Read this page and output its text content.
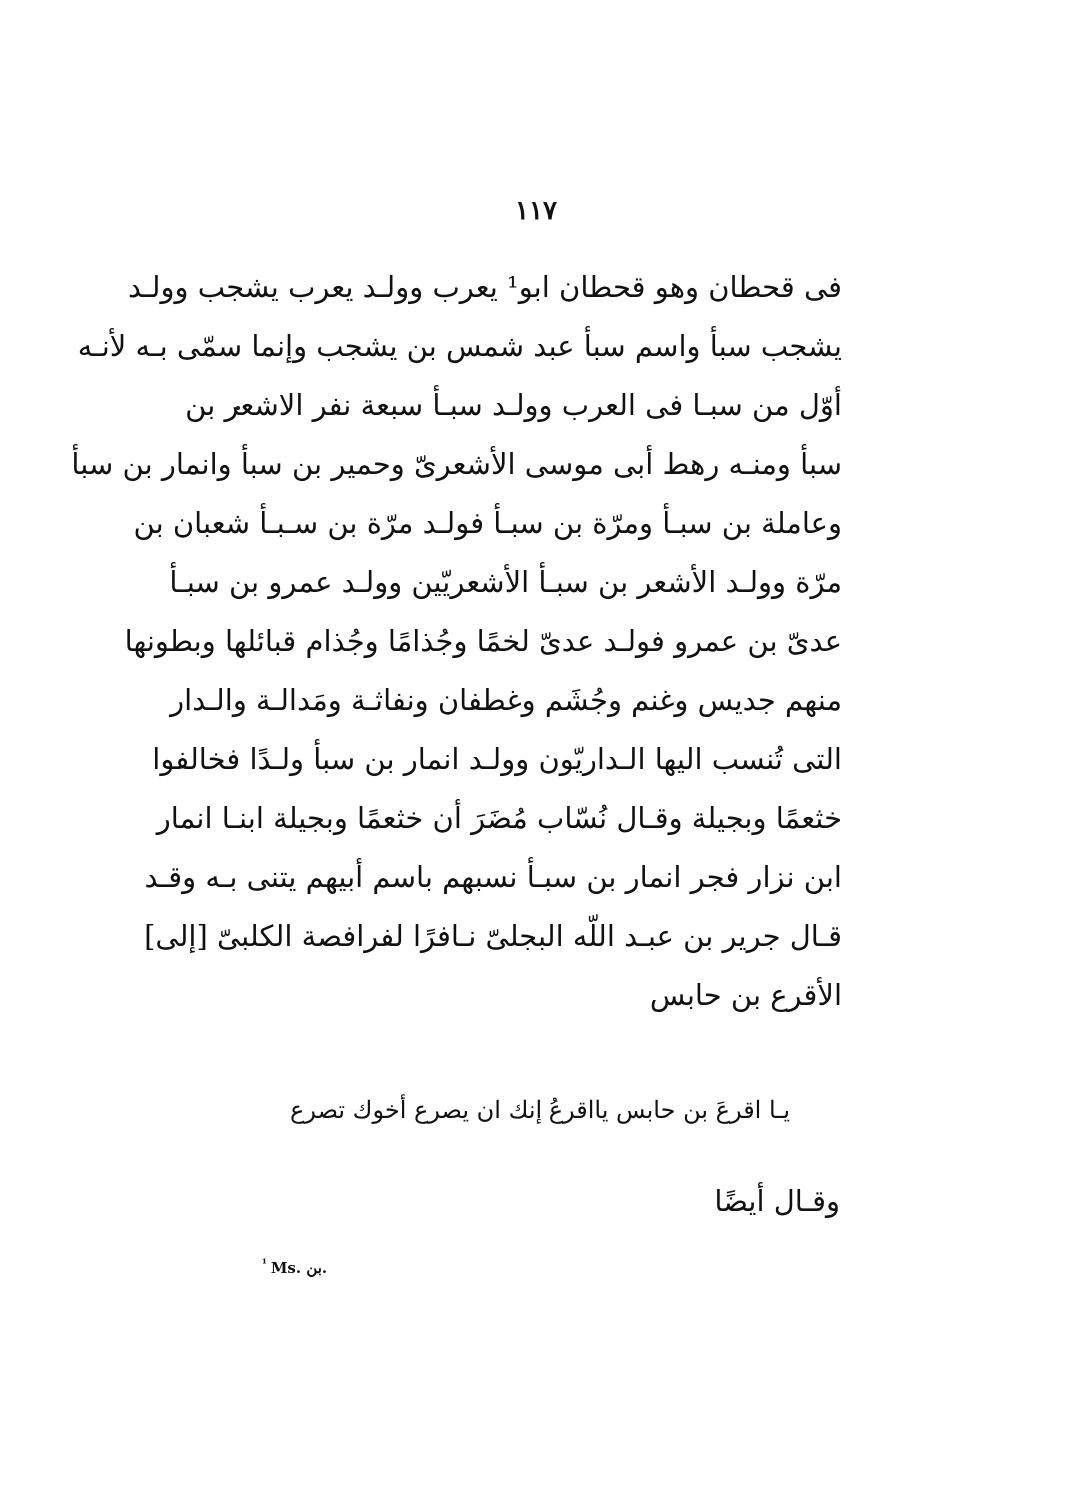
١١٧
فى قحطان وهو قحطان ابو¹ يعرب وولـد يعرب يشجب وولـد
يشجب سبأ واسم سبأ عبد شمس بن يشجب وإنما سمّى بـه لأنـه
أوّل من سبـا فى العرب وولـد سبـأ سبعة نفر الاشعر بن
سبأ ومنـه رهط أبى موسى الأشعرىّ وحمير بن سبأ وانمار بن سبأ
وعاملة بن سبـأ ومرّة بن سبـأ فولـد مرّة بن سـبـأ شعبان بن
مرّة وولـد الأشعر بن سبـأ الأشعريّين وولـد عمرو بن سبـأ
عدىّ بن عمرو فولـد عدىّ لخمًا وجُذامًا وجُذام قبائلها وبطونها
منهم جديس وغنم وجُشَم وغطفان ونفاثـة ومَدالـة والـدار
التى تُنسب اليها الـداريّون وولـد انمار بن سبأ ولـدًا فخالفوا
خثعمًا وبجيلة وقـال نُسّاب مُضَرَ أن خثعمًا وبجيلة ابنـا انمار
ابن نزار فجر انمار بن سبـأ نسبهم باسم أبيهم يتنى بـه وقـد
قـال جرير بن عبـد اللّه البجلىّ نـافرًا لفرافصة الكلبىّ [إلى]
الأقرع بن حابس
يـا اقرعَ بن حابس يااقرعُ
إنك ان يصرع أخوك تصرع
وقـال أيضًا
$^{^1}$ Ms. بن.
